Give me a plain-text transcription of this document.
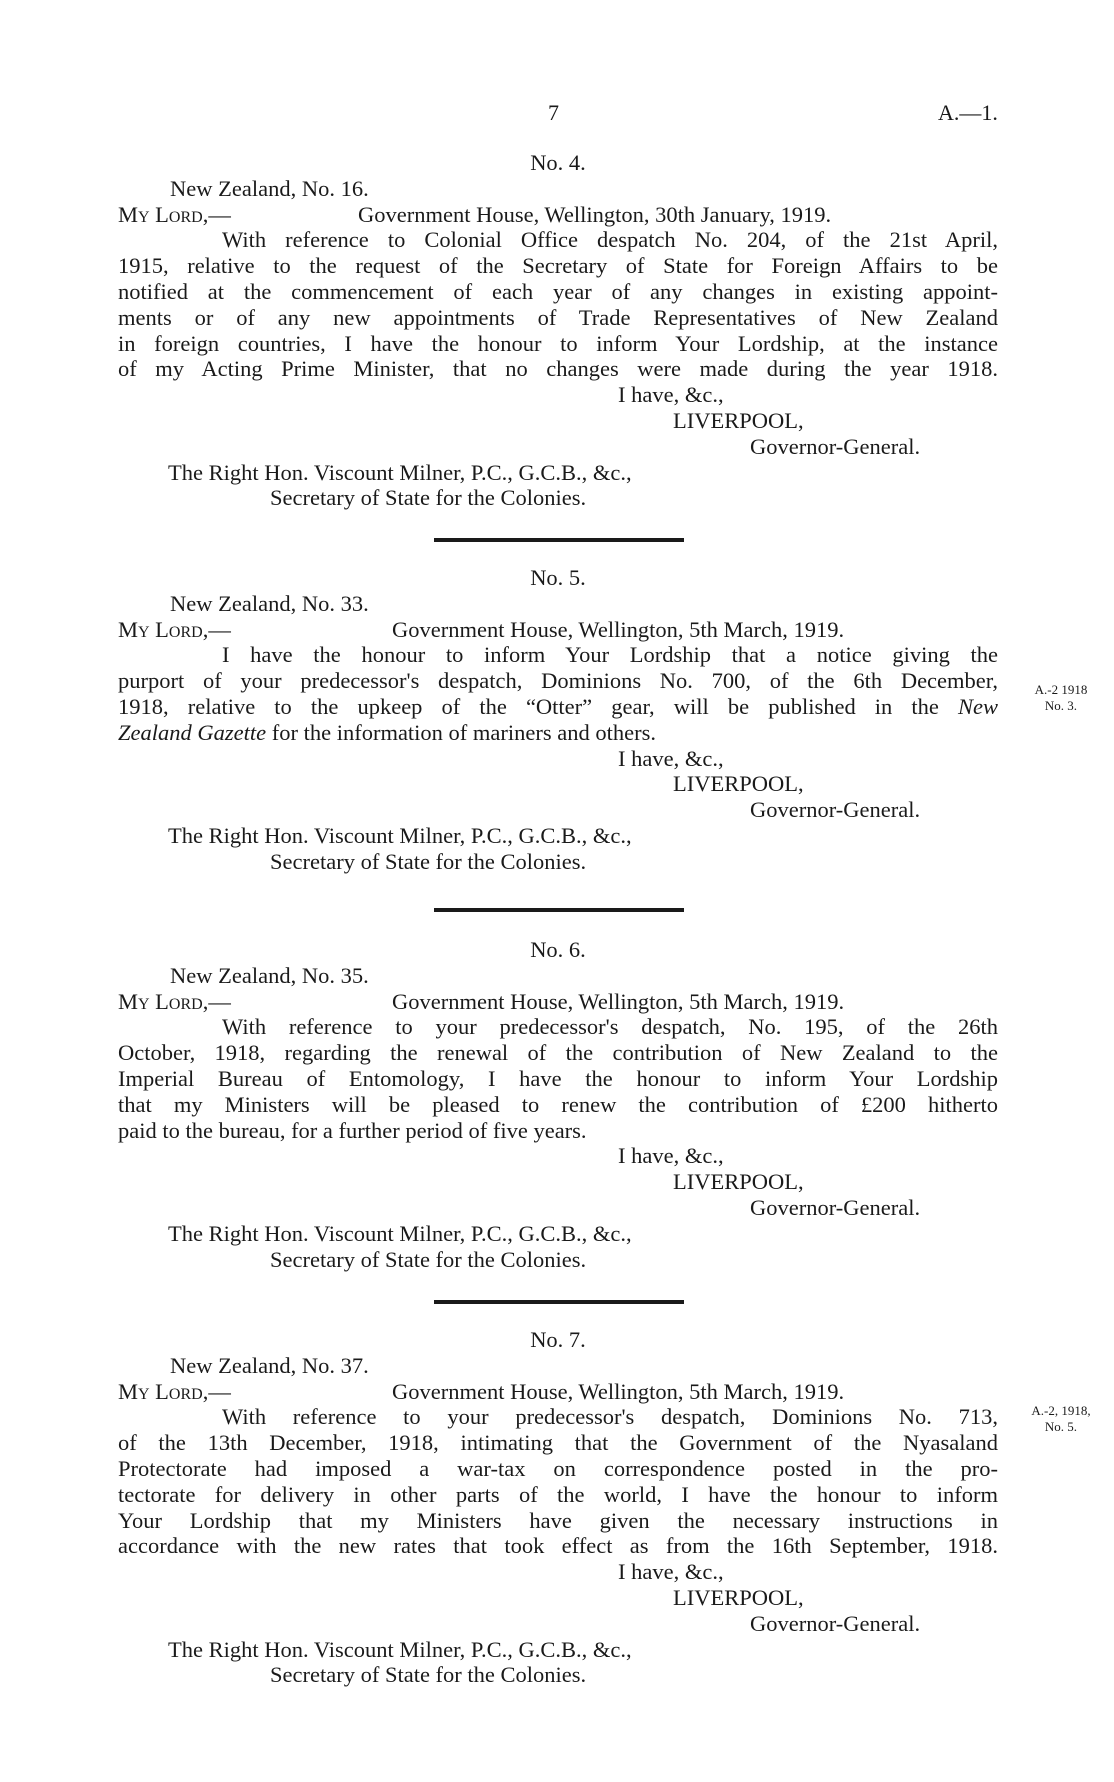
7	A.—1.
No. 4.
New Zealand, No. 16.
My Lord,—	Government House, Wellington, 30th January, 1919.
With reference to Colonial Office despatch No. 204, of the 21st April,
1915, relative to the request of the Secretary of State for Foreign Affairs to be
notified at the commencement of each year of any changes in existing appoint-
ments or of any new appointments of Trade Representatives of New Zealand
in foreign countries, I have the honour to inform Your Lordship, at the instance
of my Acting Prime Minister, that no changes were made during the year 1918.
I have, &c.,
LIVERPOOL,
Governor-General.
The Right Hon. Viscount Milner, P.C., G.C.B., &c.,
Secretary of State for the Colonies.
No. 5.
New Zealand, No. 33.
My Lord,—	Government House, Wellington, 5th March, 1919.
I have the honour to inform Your Lordship that a notice giving the
purport of your predecessor's despatch, Dominions No. 700, of the 6th December,
1918, relative to the upkeep of the “Otter” gear, will be published in the New
Zealand Gazette for the information of mariners and others.
I have, &c.,
LIVERPOOL,
Governor-General.
The Right Hon. Viscount Milner, P.C., G.C.B., &c.,
Secretary of State for the Colonies.
A.-2 1918
No. 3.
No. 6.
New Zealand, No. 35.
My Lord,—	Government House, Wellington, 5th March, 1919.
With reference to your predecessor's despatch, No. 195, of the 26th
October, 1918, regarding the renewal of the contribution of New Zealand to the
Imperial Bureau of Entomology, I have the honour to inform Your Lordship
that my Ministers will be pleased to renew the contribution of £200 hitherto
paid to the bureau, for a further period of five years.
I have, &c.,
LIVERPOOL,
Governor-General.
The Right Hon. Viscount Milner, P.C., G.C.B., &c.,
Secretary of State for the Colonies.
No. 7.
New Zealand, No. 37.
My Lord,—	Government House, Wellington, 5th March, 1919.
With reference to your predecessor's despatch, Dominions No. 713,
of the 13th December, 1918, intimating that the Government of the Nyasaland
Protectorate had imposed a war-tax on correspondence posted in the pro-
tectorate for delivery in other parts of the world, I have the honour to inform
Your Lordship that my Ministers have given the necessary instructions in
accordance with the new rates that took effect as from the 16th September, 1918.
I have, &c.,
LIVERPOOL,
Governor-General.
The Right Hon. Viscount Milner, P.C., G.C.B., &c.,
Secretary of State for the Colonies.
A.-2, 1918,
No. 5.
